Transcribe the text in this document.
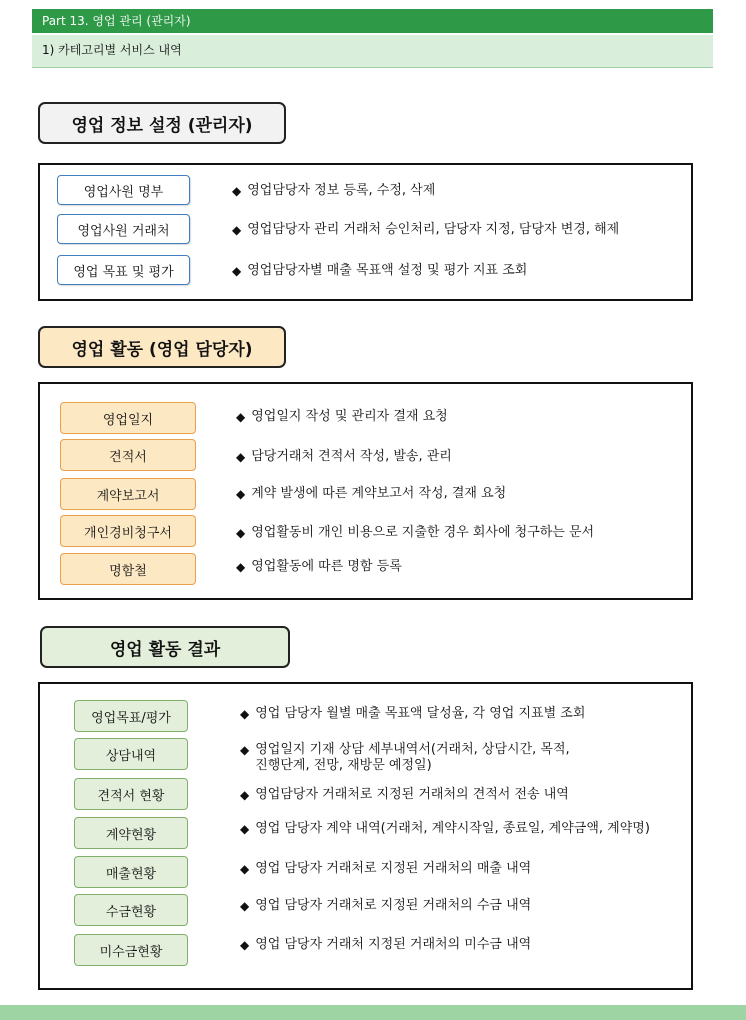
Part 13. 영업 관리 (관리자)
1) 카테고리별 서비스 내역
영업 정보 설정 (관리자)
영업사원 명부	◆ 영업담당자 정보 등록, 수정, 삭제
영업사원 거래처	◆ 영업담당자 관리 거래처 승인처리, 담당자 지정, 담당자 변경, 해제
영업 목표 및 평가	◆ 영업담당자별 매출 목표액 설정 및 평가 지표 조회
영업 활동 (영업 담당자)
영업일지	◆ 영업일지 작성 및 관리자 결재 요청
견적서	◆ 담당거래처 견적서 작성, 발송, 관리
계약보고서	◆ 계약 발생에 따른 계약보고서 작성, 결재 요청
개인경비청구서	◆ 영업활동비 개인 비용으로 지출한 경우 회사에 청구하는 문서
명함철	◆ 영업활동에 따른 명함 등록
영업 활동 결과
영업목표/평가	◆ 영업 담당자 월별 매출 목표액 달성율, 각 영업 지표별 조회
상담내역	◆ 영업일지 기재 상담 세부내역서(거래처, 상담시간, 목적,
진행단계, 전망, 재방문 예정일)
견적서 현황	◆ 영업담당자 거래처로 지정된 거래처의 견적서 전송 내역
계약현황	◆ 영업 담당자 계약 내역(거래처, 계약시작일, 종료일, 계약금액, 계약명)
매출현황	◆ 영업 담당자 거래처로 지정된 거래처의 매출 내역
수금현황	◆ 영업 담당자 거래처로 지정된 거래처의 수금 내역
미수금현황	◆ 영업 담당자 거래처 지정된 거래처의 미수금 내역
